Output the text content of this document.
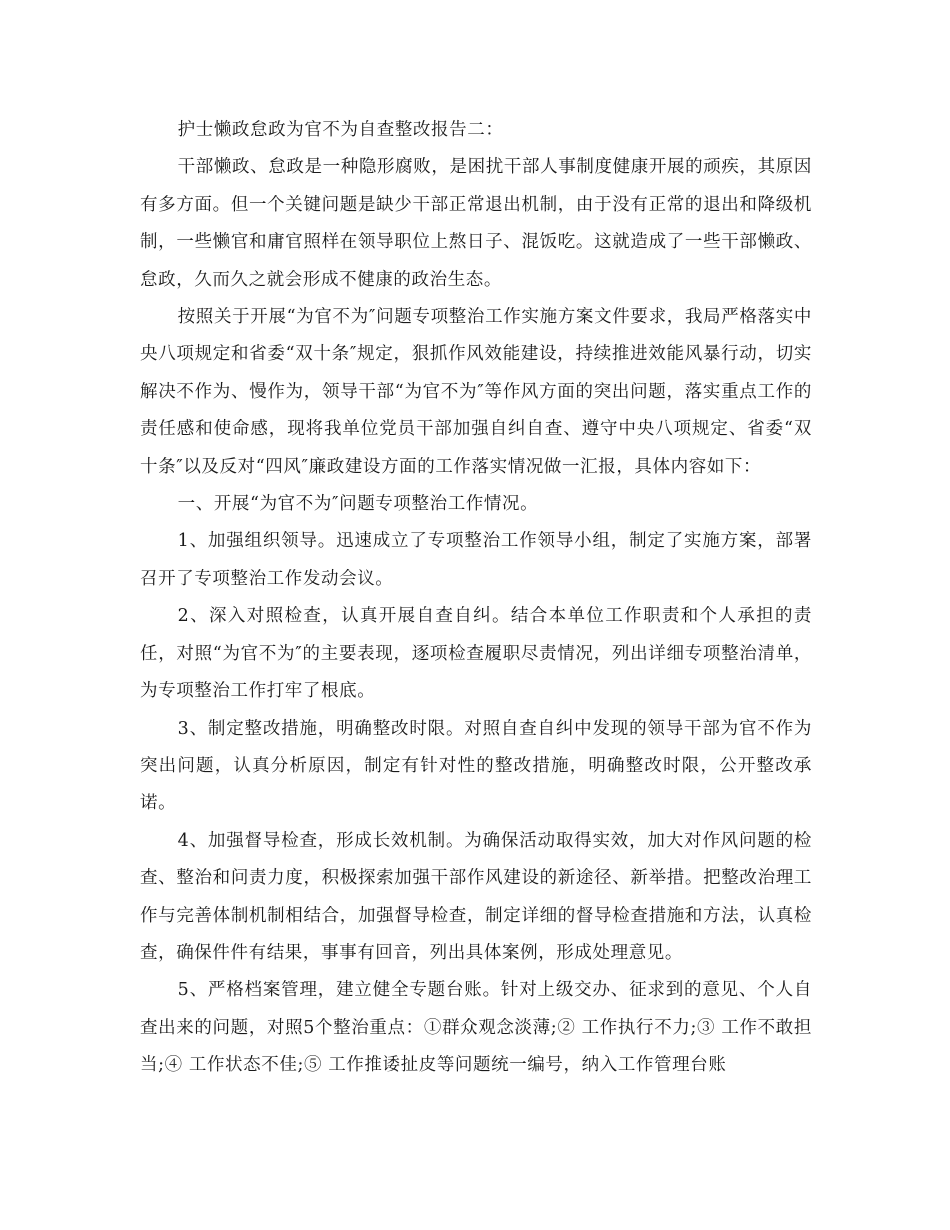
护士懒政怠政为官不为自查整改报告二：

干部懒政、怠政是一种隐形腐败，是困扰干部人事制度健康开展的顽疾，其原因有多方面。但一个关键问题是缺少干部正常退出机制，由于没有正常的退出和降级机制，一些懒官和庸官照样在领导职位上熬日子、混饭吃。这就造成了一些干部懒政、怠政，久而久之就会形成不健康的政治生态。

按照关于开展“为官不为″问题专项整治工作实施方案文件要求，我局严格落实中央八项规定和省委“双十条″规定，狠抓作风效能建设，持续推进效能风暴行动，切实解决不作为、慢作为，领导干部“为官不为″等作风方面的突出问题，落实重点工作的责任感和使命感，现将我单位党员干部加强自纠自查、遵守中央八项规定、省委“双十条″以及反对“四风″廉政建设方面的工作落实情况做一汇报，具体内容如下：

一、开展“为官不为″问题专项整治工作情况。

1、加强组织领导。迅速成立了专项整治工作领导小组，制定了实施方案，部署召开了专项整治工作发动会议。

2、深入对照检查，认真开展自查自纠。结合本单位工作职责和个人承担的责任，对照“为官不为″的主要表现，逐项检查履职尽责情况，列出详细专项整治清单，为专项整治工作打牢了根底。

3、制定整改措施，明确整改时限。对照自查自纠中发现的领导干部为官不作为突出问题，认真分析原因，制定有针对性的整改措施，明确整改时限，公开整改承诺。

4、加强督导检查，形成长效机制。为确保活动取得实效，加大对作风问题的检查、整治和问责力度，积极探索加强干部作风建设的新途径、新举措。把整改治理工作与完善体制机制相结合，加强督导检查，制定详细的督导检查措施和方法，认真检查，确保件件有结果，事事有回音，列出具体案例，形成处理意见。

5、严格档案管理，建立健全专题台账。针对上级交办、征求到的意见、个人自查出来的问题，对照5个整治重点：①群众观念淡薄;② 工作执行不力;③ 工作不敢担当;④ 工作状态不佳;⑤ 工作推诿扯皮等问题统一编号，纳入工作管理台账
